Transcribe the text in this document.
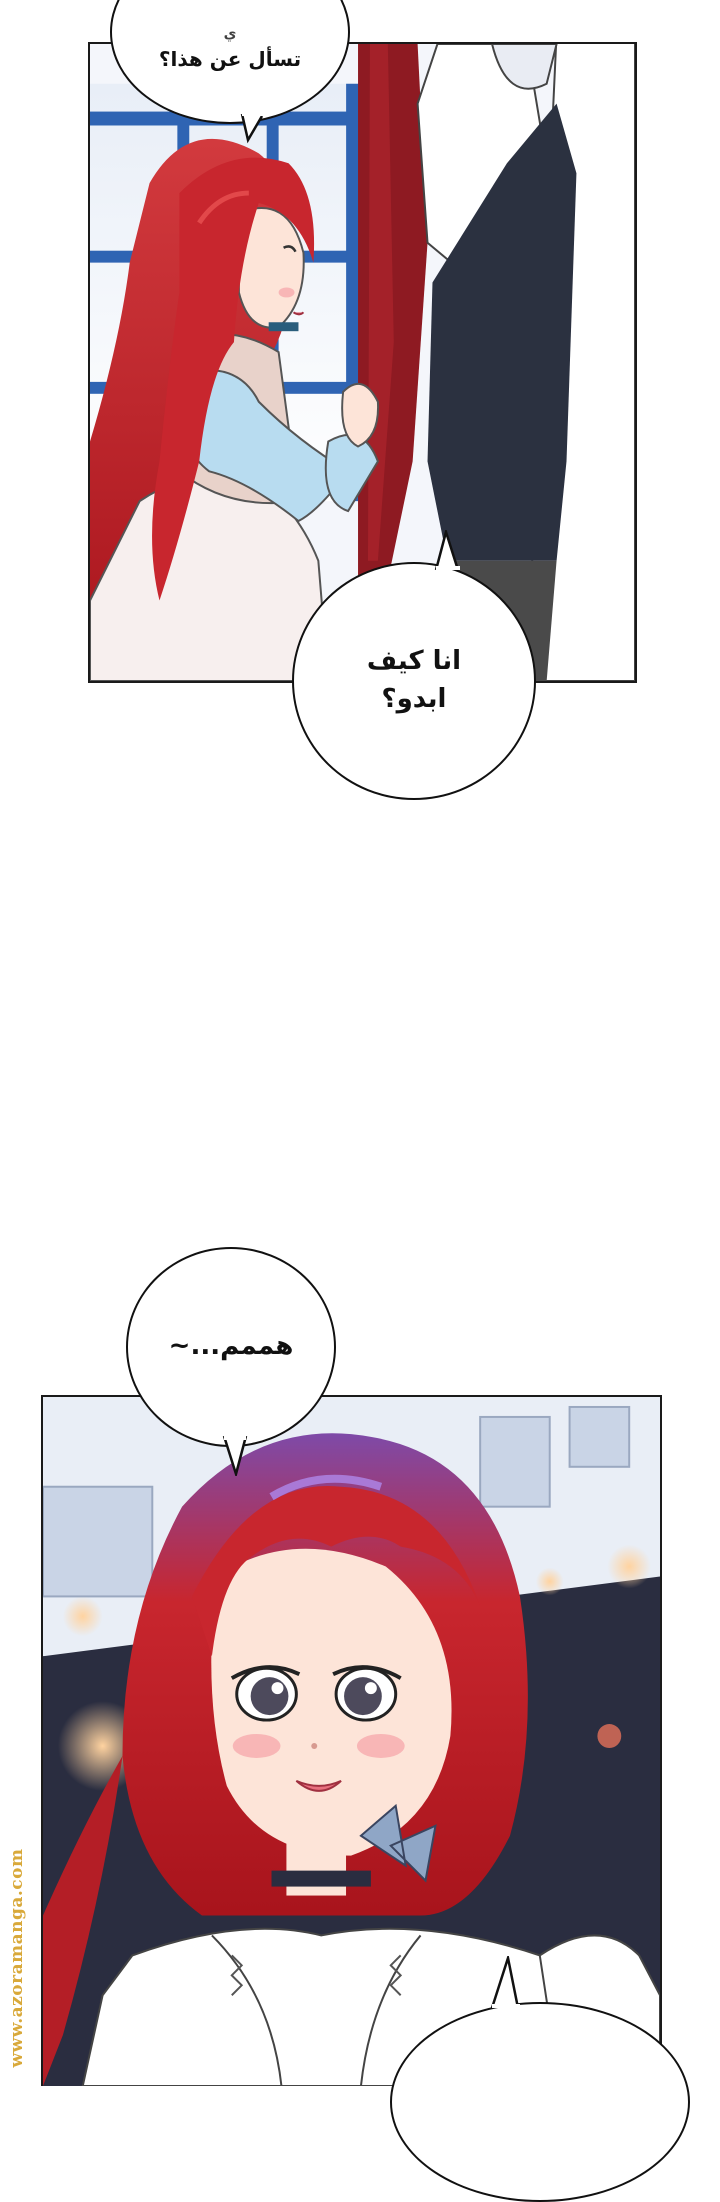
ي
تسأل عن هذا؟
انا كيف
ابدو؟
هممم...~
www.azoramanga.com
